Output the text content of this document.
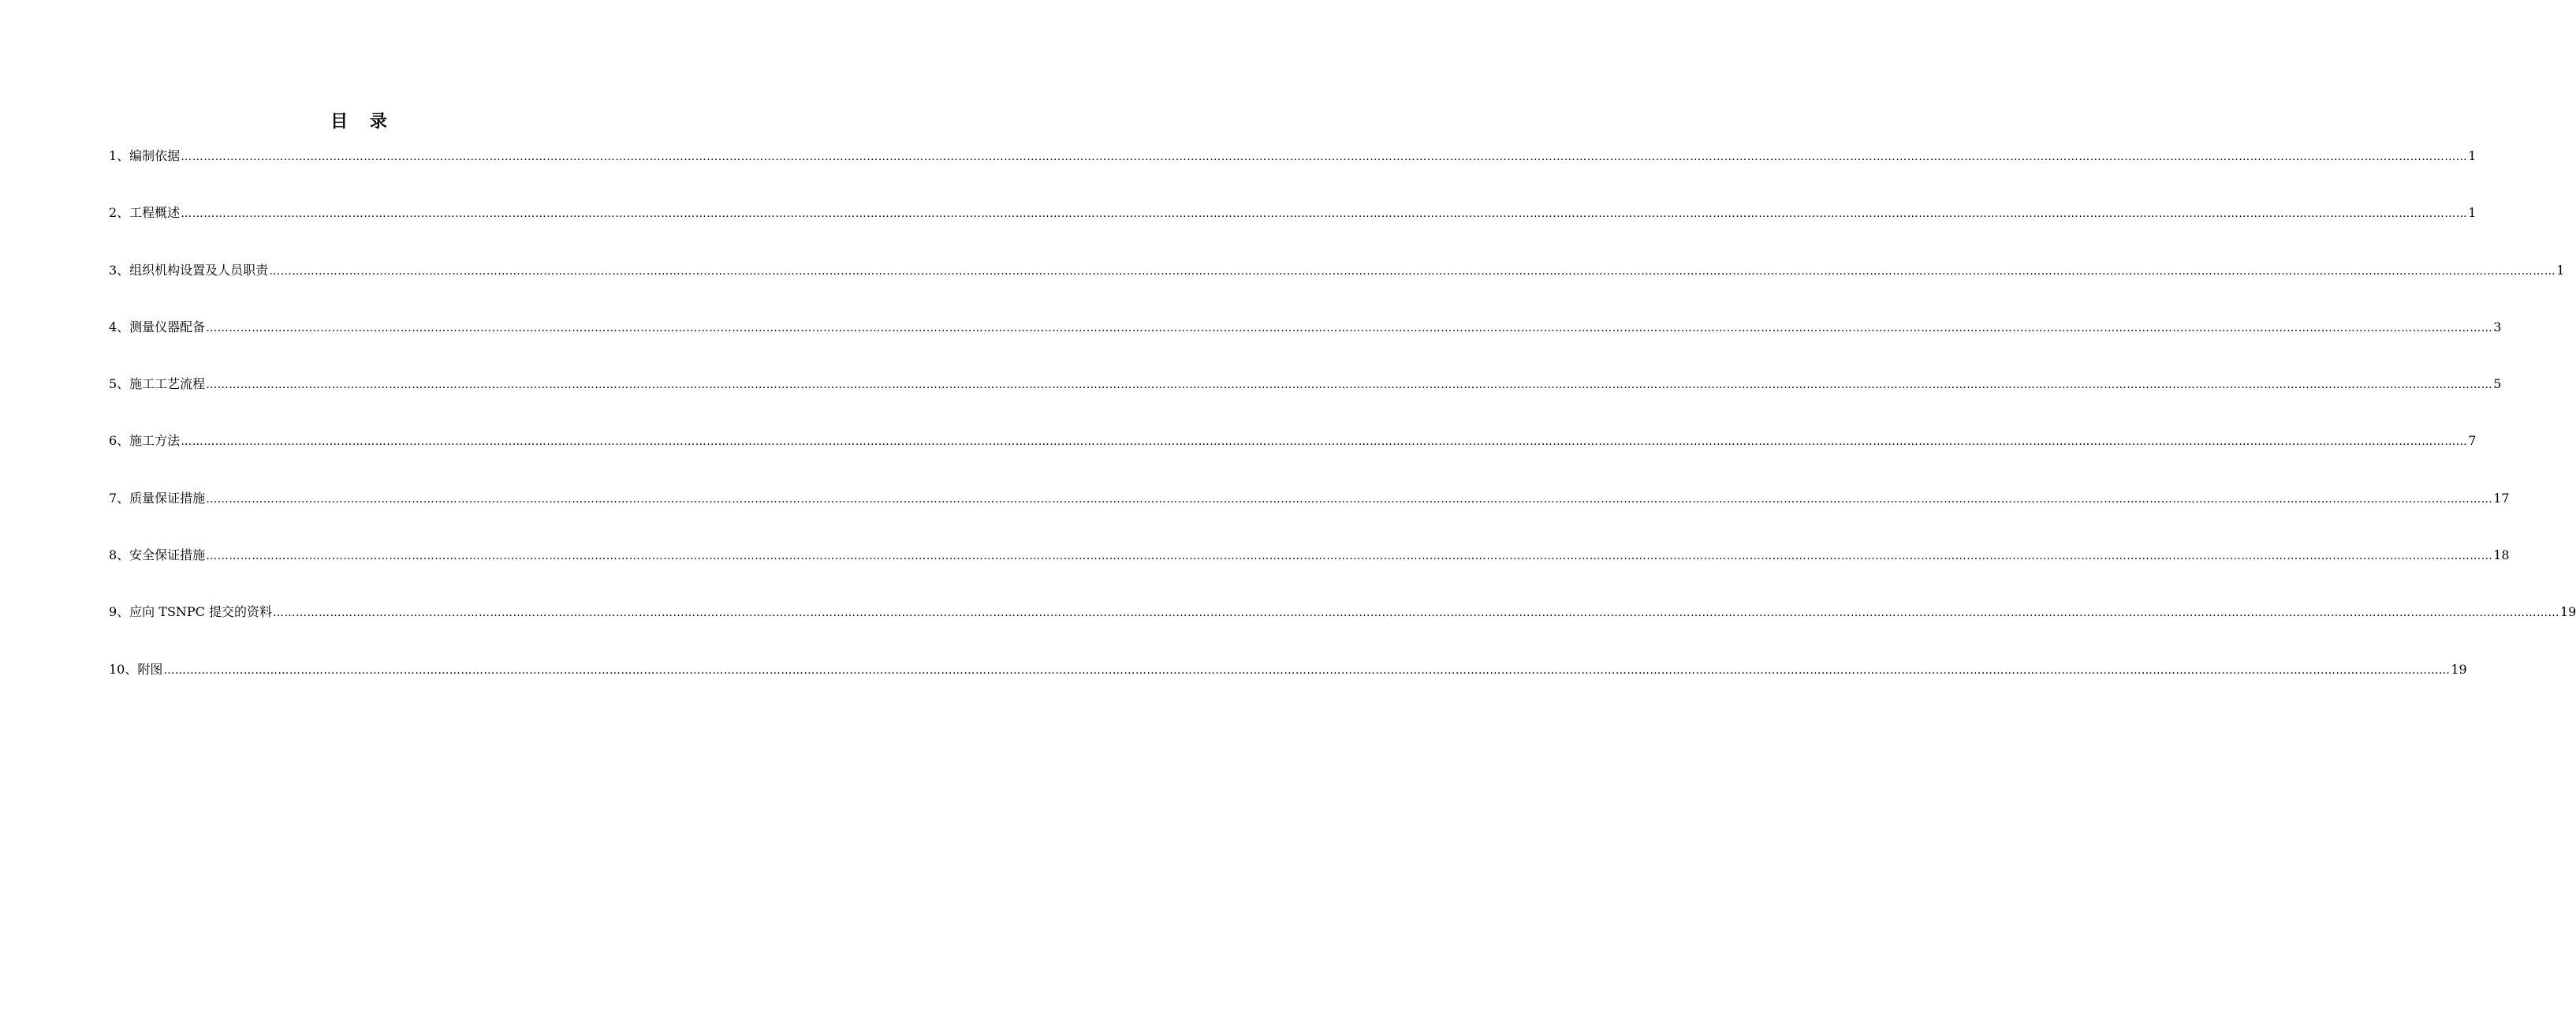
目 录
1、编制依据 …………………………………………………………………………………………………………………………………………………………………………………………………………………………………………………………………………………………………………………………………………………………………………………………………………………………………………………………………………………………………………………………………………………… 1
2、工程概述 …………………………………………………………………………………………………………………………………………………………………………………………………………………………………………………………………………………………………………………………………………………………………………………………………………………………………………………………………………………………………………………………………………………… 1
3、组织机构设置及人员职责 …………………………………………………………………………………………………………………………………………………………………………………………………………………………………………………………………………………………………………………………………………………………………………………………………………………………………………………………………………………………………………………………………………………… 1
4、测量仪器配备 …………………………………………………………………………………………………………………………………………………………………………………………………………………………………………………………………………………………………………………………………………………………………………………………………………………………………………………………………………………………………………………………………………………… 3
5、施工工艺流程 …………………………………………………………………………………………………………………………………………………………………………………………………………………………………………………………………………………………………………………………………………………………………………………………………………………………………………………………………………………………………………………………………………………… 5
6、施工方法 …………………………………………………………………………………………………………………………………………………………………………………………………………………………………………………………………………………………………………………………………………………………………………………………………………………………………………………………………………………………………………………………………………………… 7
7、质量保证措施 …………………………………………………………………………………………………………………………………………………………………………………………………………………………………………………………………………………………………………………………………………………………………………………………………………………………………………………………………………………………………………………………………………………… 17
8、安全保证措施 …………………………………………………………………………………………………………………………………………………………………………………………………………………………………………………………………………………………………………………………………………………………………………………………………………………………………………………………………………………………………………………………………………………… 18
9、应向 TSNPC 提交的资料 …………………………………………………………………………………………………………………………………………………………………………………………………………………………………………………………………………………………………………………………………………………………………………………………………………………………………………………………………………………………………………………………………………………… 19
10、附图 …………………………………………………………………………………………………………………………………………………………………………………………………………………………………………………………………………………………………………………………………………………………………………………………………………………………………………………………………………………………………………………………………………………… 19
